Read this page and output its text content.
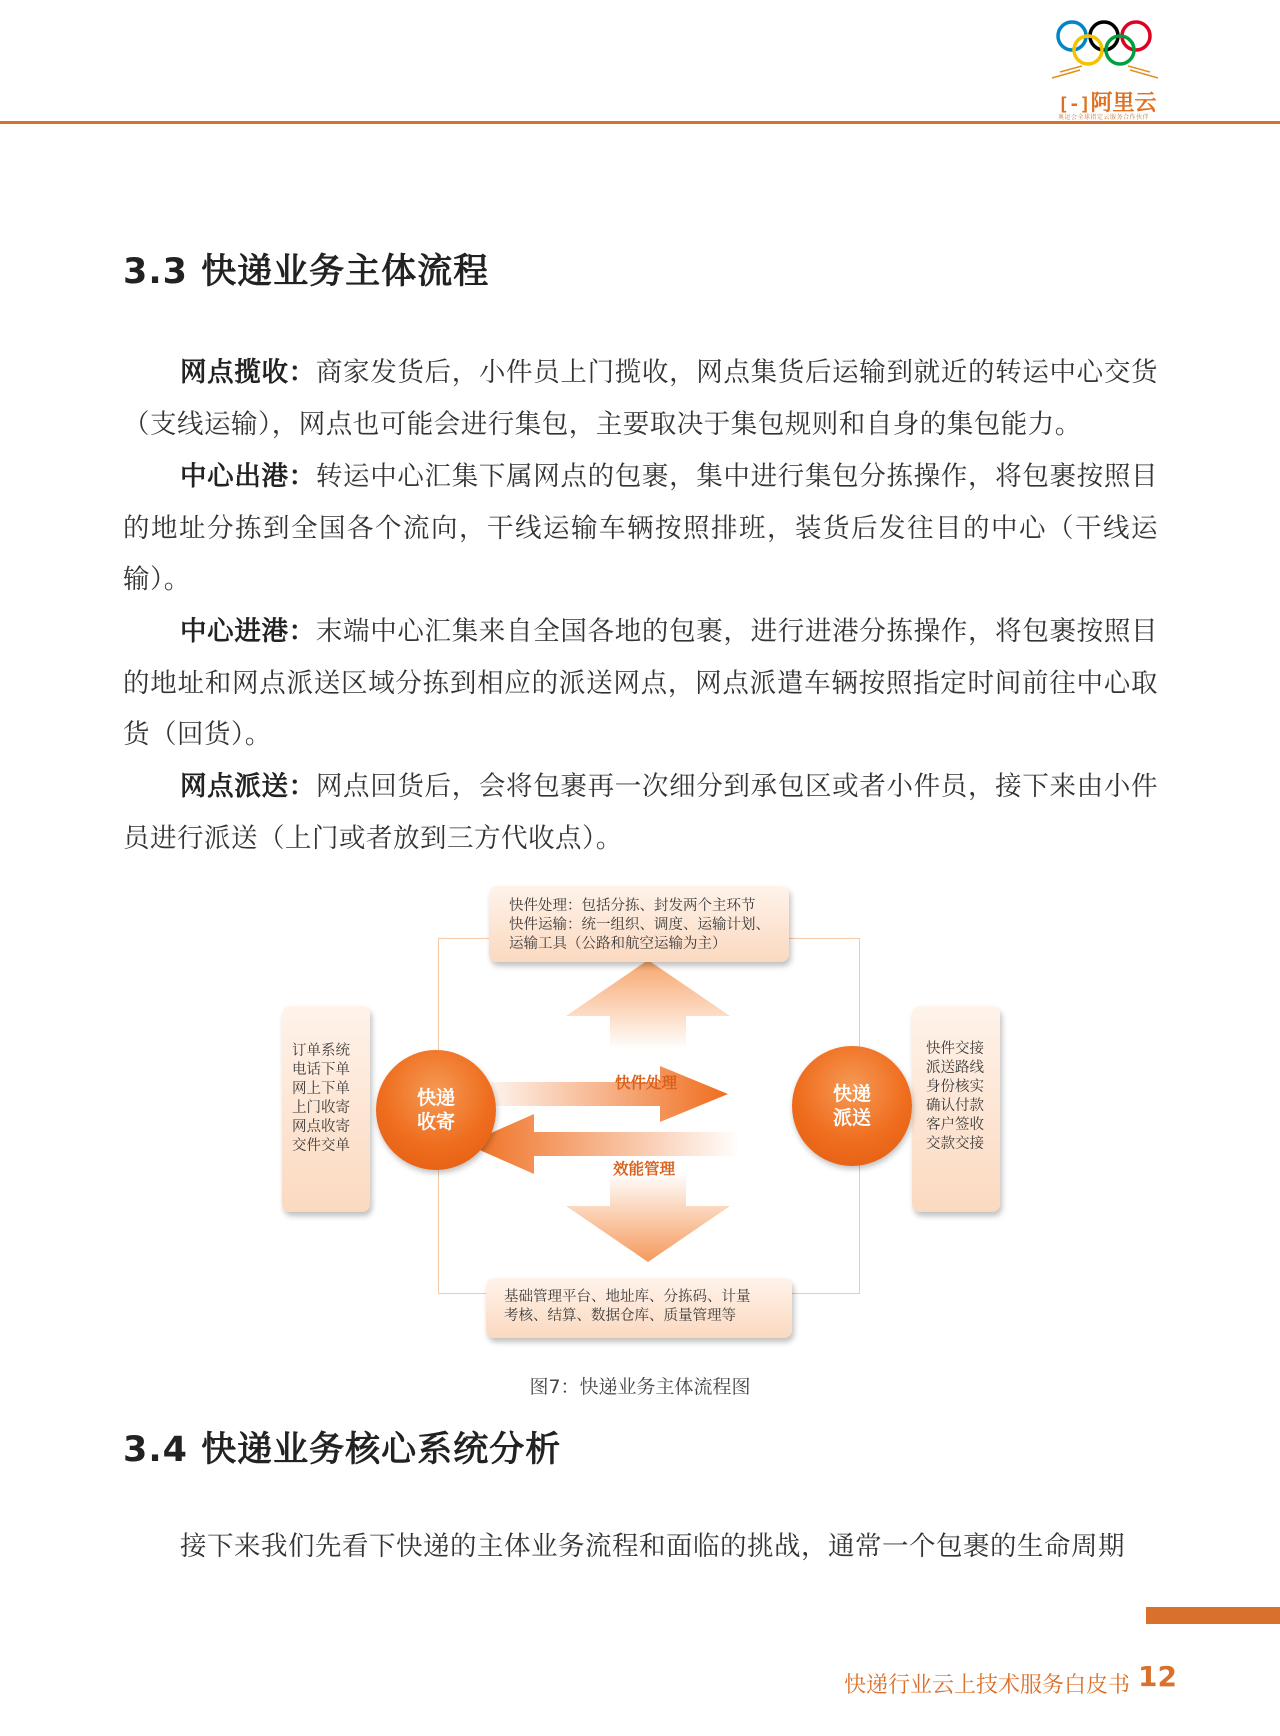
[-]阿里云
奥运会全球指定云服务合作伙伴
3.3 快递业务主体流程
网点揽收：商家发货后，小件员上门揽收，网点集货后运输到就近的转运中心交货（支线运输），网点也可能会进行集包，主要取决于集包规则和自身的集包能力。
中心出港：转运中心汇集下属网点的包裹，集中进行集包分拣操作，将包裹按照目的地址分拣到全国各个流向，干线运输车辆按照排班，装货后发往目的中心（干线运输）。
中心进港：末端中心汇集来自全国各地的包裹，进行进港分拣操作，将包裹按照目的地址和网点派送区域分拣到相应的派送网点，网点派遣车辆按照指定时间前往中心取货（回货）。
网点派送：网点回货后，会将包裹再一次细分到承包区或者小件员，接下来由小件员进行派送（上门或者放到三方代收点）。
快件处理
效能管理
快件处理：包括分拣、封发两个主环节
快件运输：统一组织、调度、运输计划、
运输工具（公路和航空运输为主）
基础管理平台、地址库、分拣码、计量
考核、结算、数据仓库、质量管理等
订单系统
电话下单
网上下单
上门收寄
网点收寄
交件交单
快件交接
派送路线
身份核实
确认付款
客户签收
交款交接
快递
收寄
快递
派送
图7：快递业务主体流程图
3.4 快递业务核心系统分析
接下来我们先看下快递的主体业务流程和面临的挑战，通常一个包裹的生命周期
快递行业云上技术服务白皮书 12
